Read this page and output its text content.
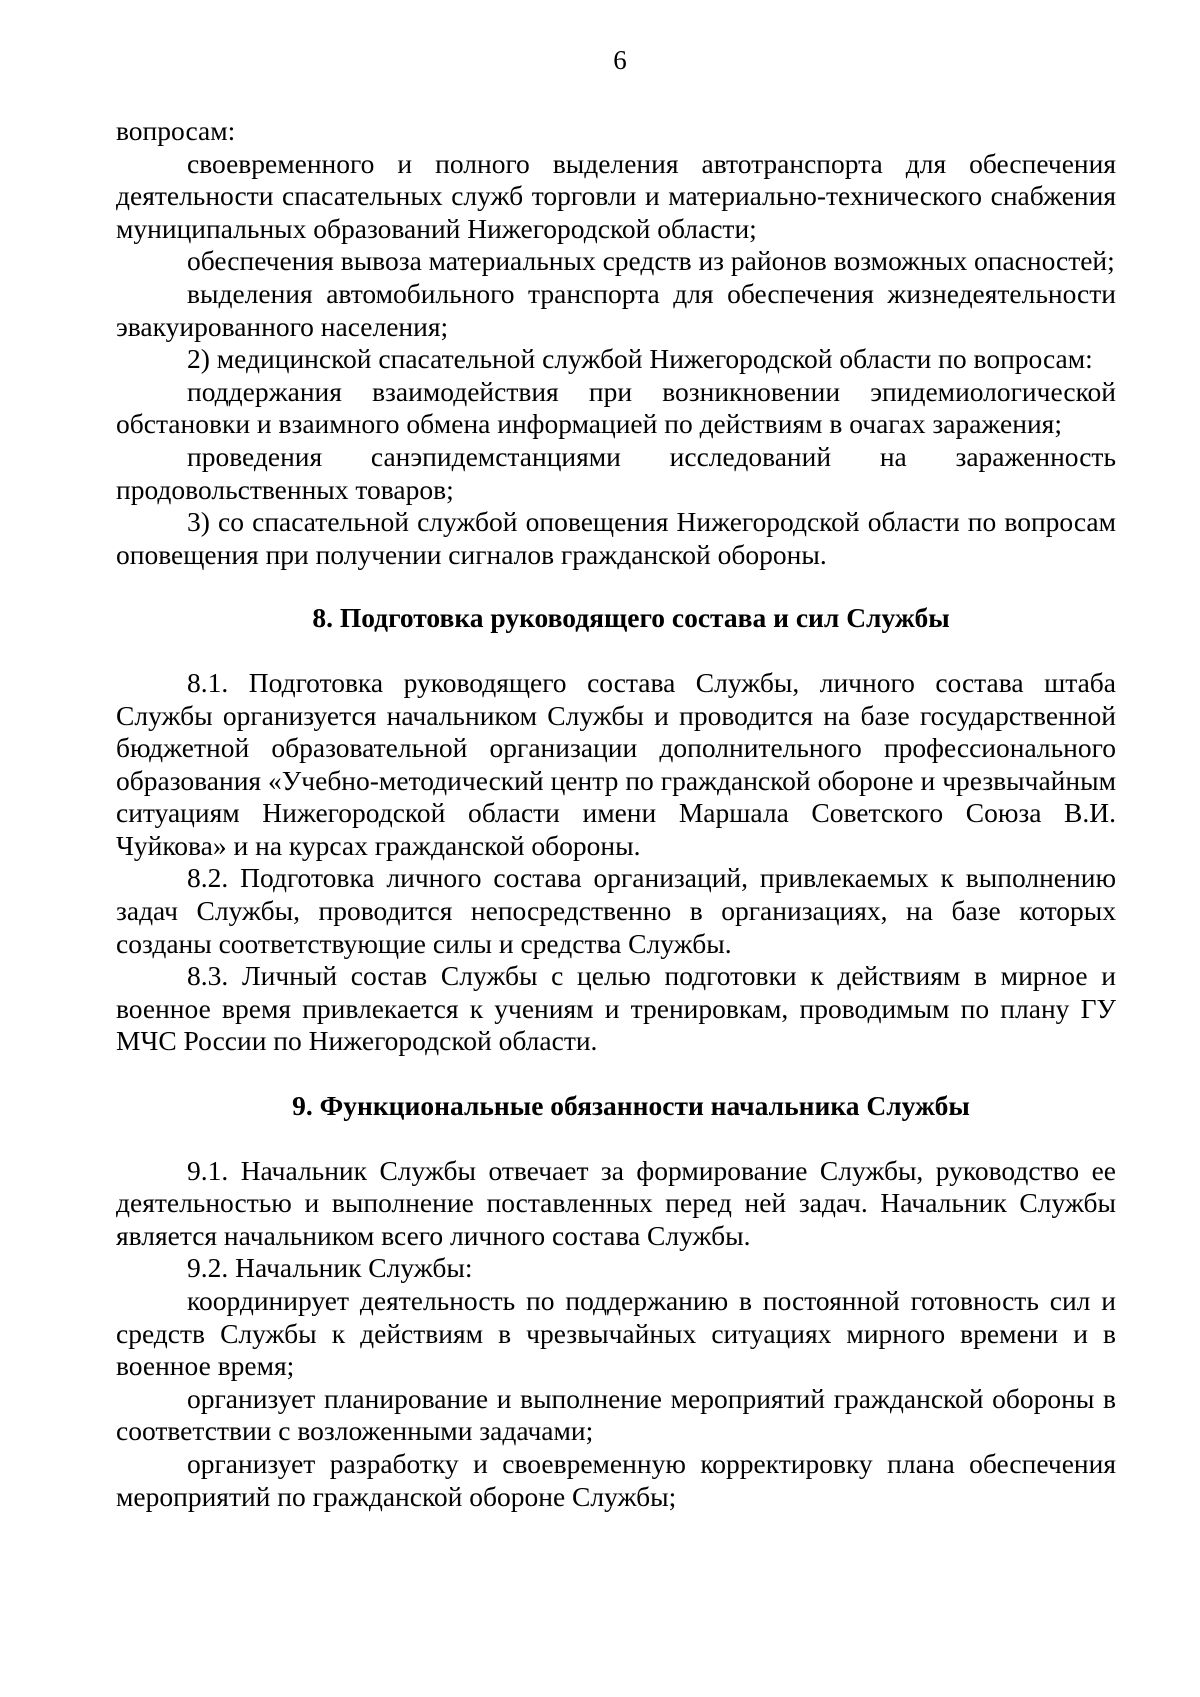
6

вопросам:

своевременного и полного выделения автотранспорта для обеспечения деятельности спасательных служб торговли и материально-технического снабжения муниципальных образований Нижегородской области;

обеспечения вывоза материальных средств из районов возможных опасностей;

выделения автомобильного транспорта для обеспечения жизнедеятельности эвакуированного населения;

2) медицинской спасательной службой Нижегородской области по вопросам:

поддержания взаимодействия при возникновении эпидемиологической обстановки и взаимного обмена информацией по действиям в очагах заражения;

проведения санэпидемстанциями исследований на зараженность продовольственных товаров;

3) со спасательной службой оповещения Нижегородской области по вопросам оповещения при получении сигналов гражданской обороны.

8. Подготовка руководящего состава и сил Службы

8.1. Подготовка руководящего состава Службы, личного состава штаба Службы организуется начальником Службы и проводится на базе государственной бюджетной образовательной организации дополнительного профессионального образования «Учебно-методический центр по гражданской обороне и чрезвычайным ситуациям Нижегородской области имени Маршала Советского Союза В.И. Чуйкова» и на курсах гражданской обороны.

8.2. Подготовка личного состава организаций, привлекаемых к выполнению задач Службы, проводится непосредственно в организациях, на базе которых созданы соответствующие силы и средства Службы.

8.3. Личный состав Службы с целью подготовки к действиям в мирное и военное время привлекается к учениям и тренировкам, проводимым по плану ГУ МЧС России по Нижегородской области.

9. Функциональные обязанности начальника Службы

9.1. Начальник Службы отвечает за формирование Службы, руководство ее деятельностью и выполнение поставленных перед ней задач. Начальник Службы является начальником всего личного состава Службы.

9.2. Начальник Службы:

координирует деятельность по поддержанию в постоянной готовность сил и средств Службы к действиям в чрезвычайных ситуациях мирного времени и в военное время;

организует планирование и выполнение мероприятий гражданской обороны в соответствии с возложенными задачами;

организует разработку и своевременную корректировку плана обеспечения мероприятий по гражданской обороне Службы;
